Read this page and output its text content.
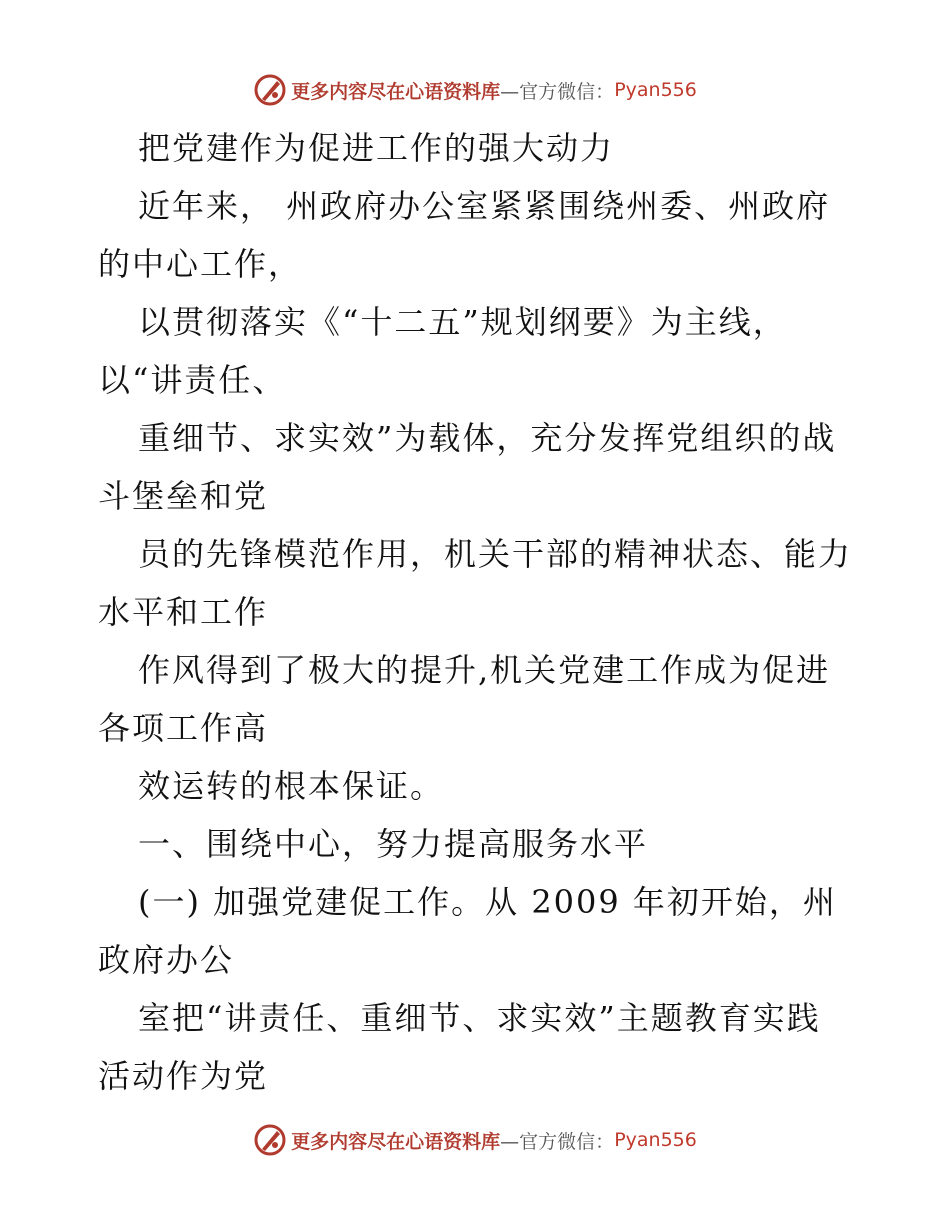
更多内容尽在心语资料库 —官方微信： Pyan556
把党建作为促进工作的强大动力
近年来， 州政府办公室紧紧围绕州委、州政府
的中心工作，
以贯彻落实《“十二五”规划纲要》为主线，
以“讲责任、
重细节、求实效”为载体，充分发挥党组织的战
斗堡垒和党
员的先锋模范作用，机关干部的精神状态、能力
水平和工作
作风得到了极大的提升,机关党建工作成为促进
各项工作高
效运转的根本保证。
一、围绕中心，努力提高服务水平
(一) 加强党建促工作。从 2009 年初开始，州
政府办公
室把“讲责任、重细节、求实效”主题教育实践
活动作为党
更多内容尽在心语资料库 —官方微信： Pyan556
